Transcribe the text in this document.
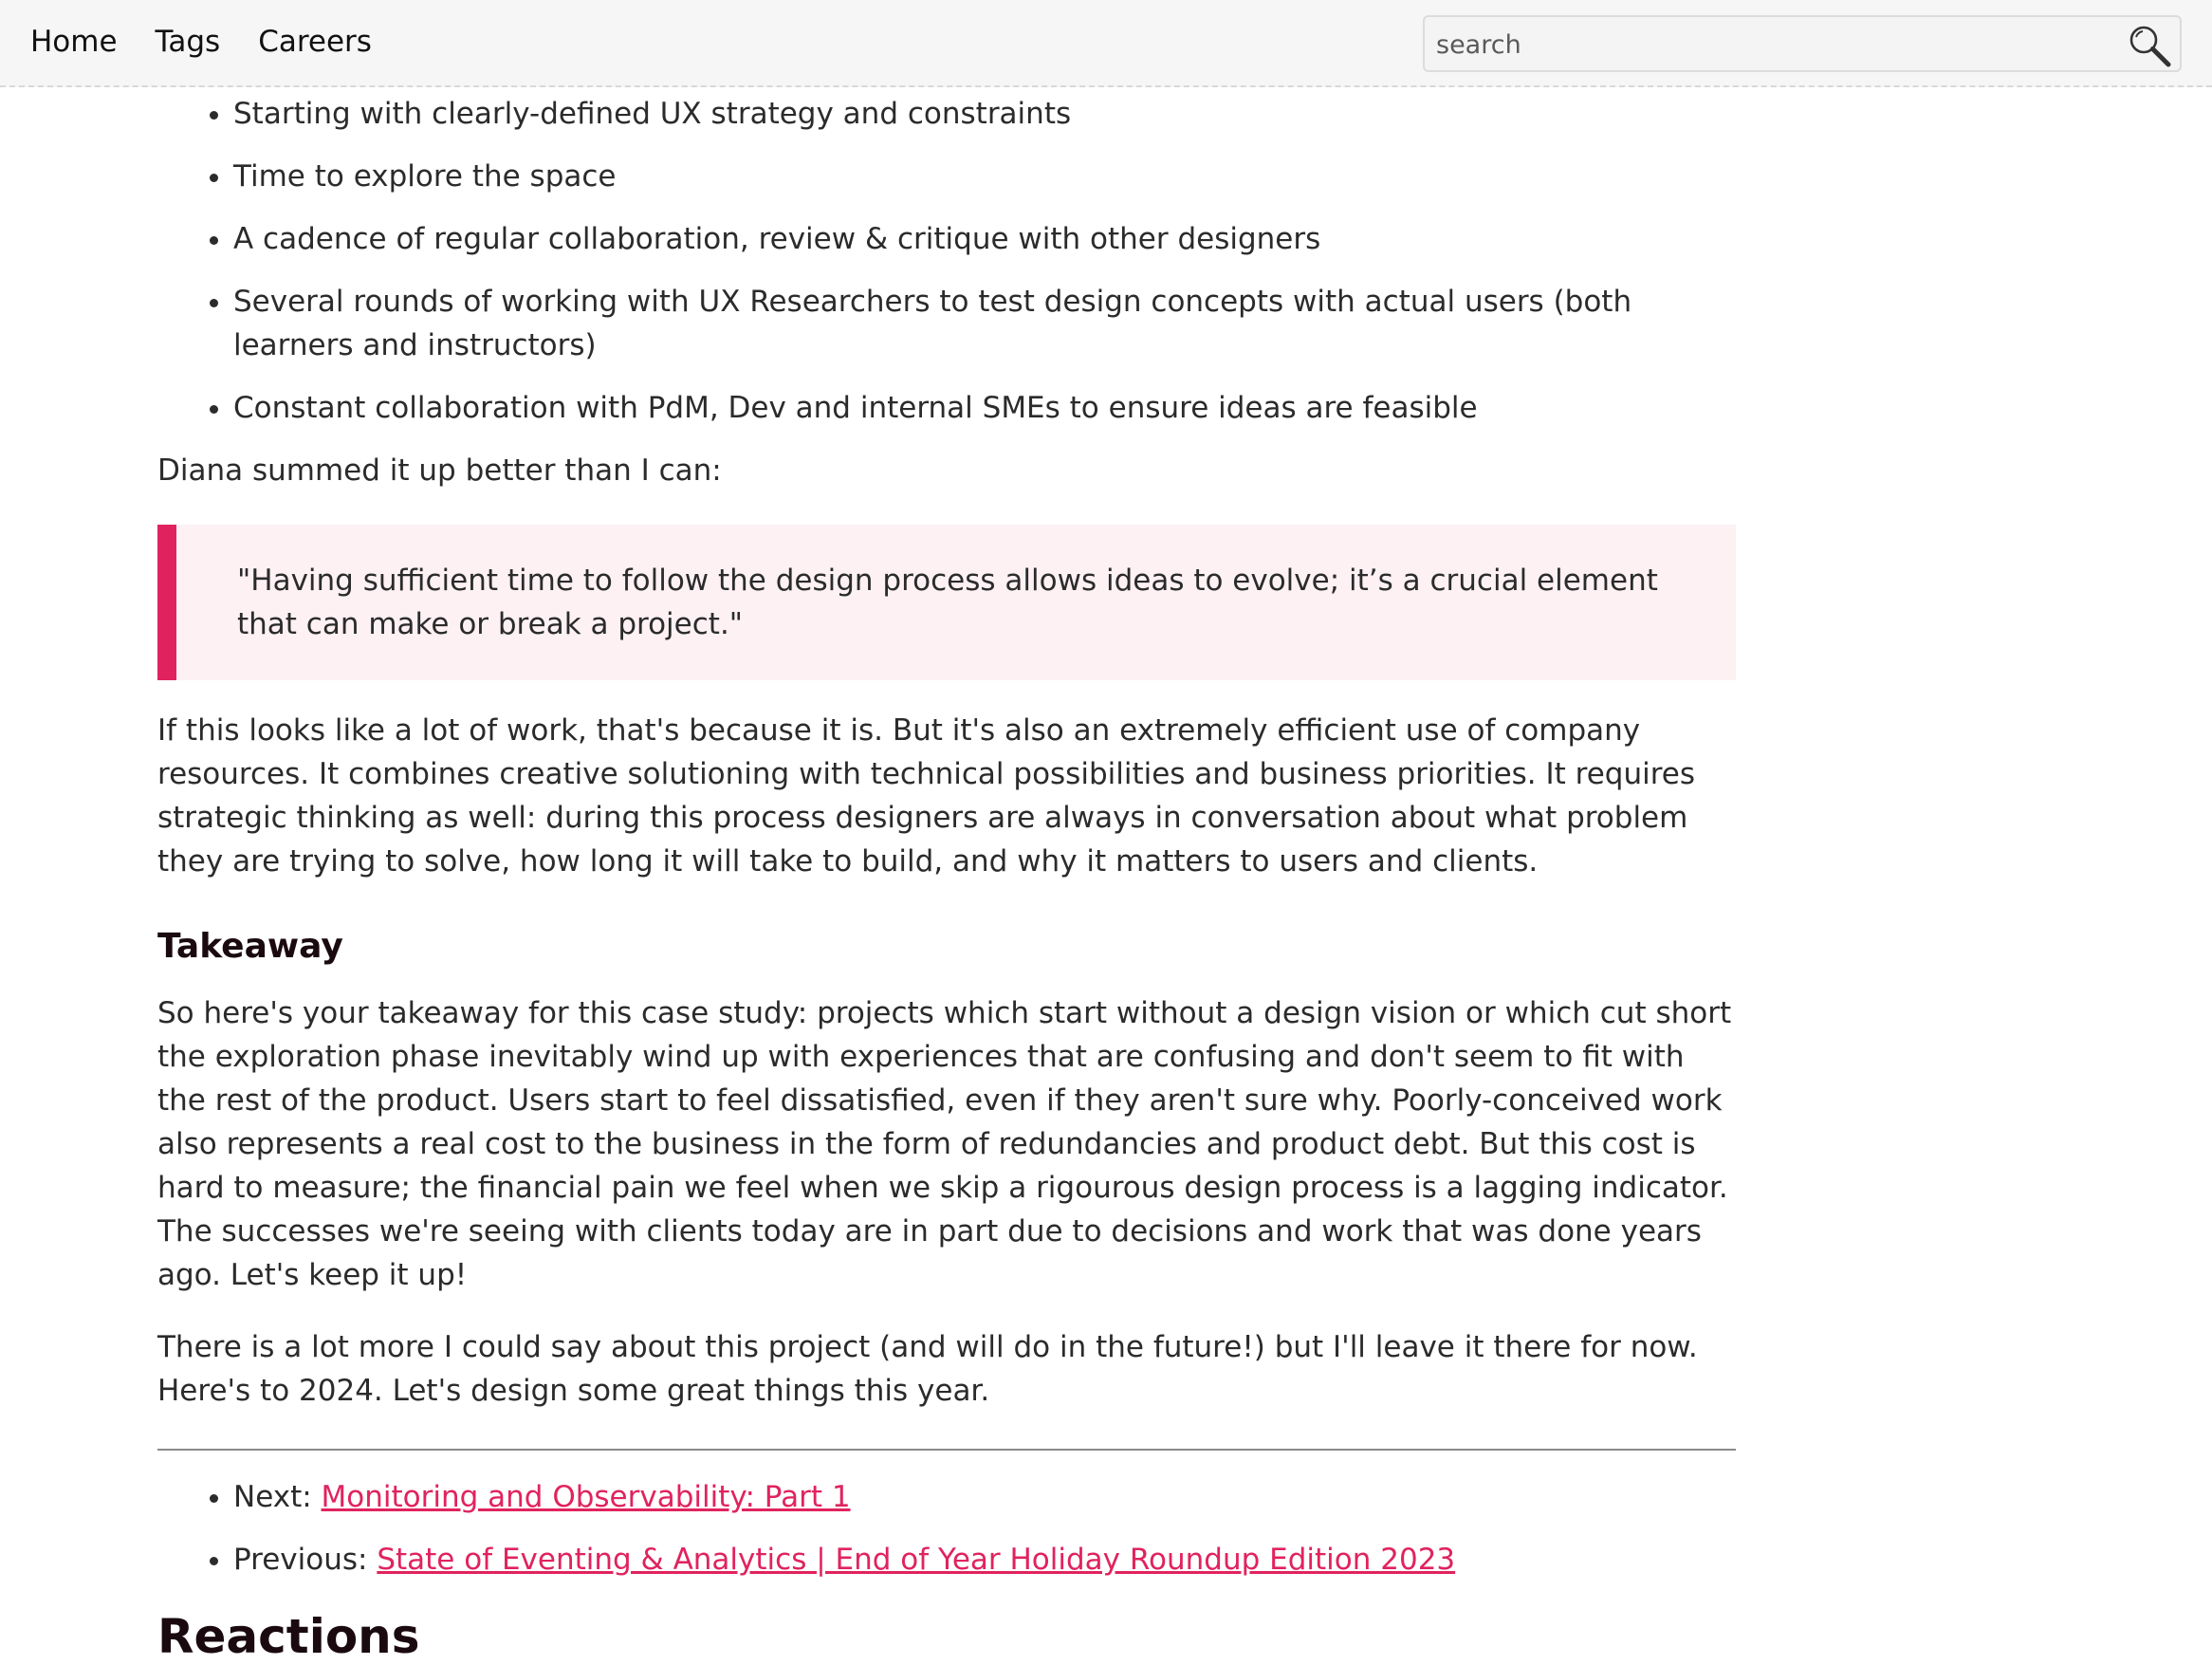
Home Tags Careers
search
• Starting with clearly-defined UX strategy and constraints
• Time to explore the space
• A cadence of regular collaboration, review & critique with other designers
• Several rounds of working with UX Researchers to test design concepts with actual users (both learners and instructors)
• Constant collaboration with PdM, Dev and internal SMEs to ensure ideas are feasible

Diana summed it up better than I can:

"Having sufficient time to follow the design process allows ideas to evolve; it’s a crucial element that can make or break a project."

If this looks like a lot of work, that's because it is. But it's also an extremely efficient use of company resources. It combines creative solutioning with technical possibilities and business priorities. It requires strategic thinking as well: during this process designers are always in conversation about what problem they are trying to solve, how long it will take to build, and why it matters to users and clients.

Takeaway

So here's your takeaway for this case study: projects which start without a design vision or which cut short the exploration phase inevitably wind up with experiences that are confusing and don't seem to fit with the rest of the product. Users start to feel dissatisfied, even if they aren't sure why. Poorly-conceived work also represents a real cost to the business in the form of redundancies and product debt. But this cost is hard to measure; the financial pain we feel when we skip a rigourous design process is a lagging indicator. The successes we're seeing with clients today are in part due to decisions and work that was done years ago. Let's keep it up!

There is a lot more I could say about this project (and will do in the future!) but I'll leave it there for now. Here's to 2024. Let's design some great things this year.

• Next: Monitoring and Observability: Part 1
• Previous: State of Eventing & Analytics | End of Year Holiday Roundup Edition 2023
Reactions
